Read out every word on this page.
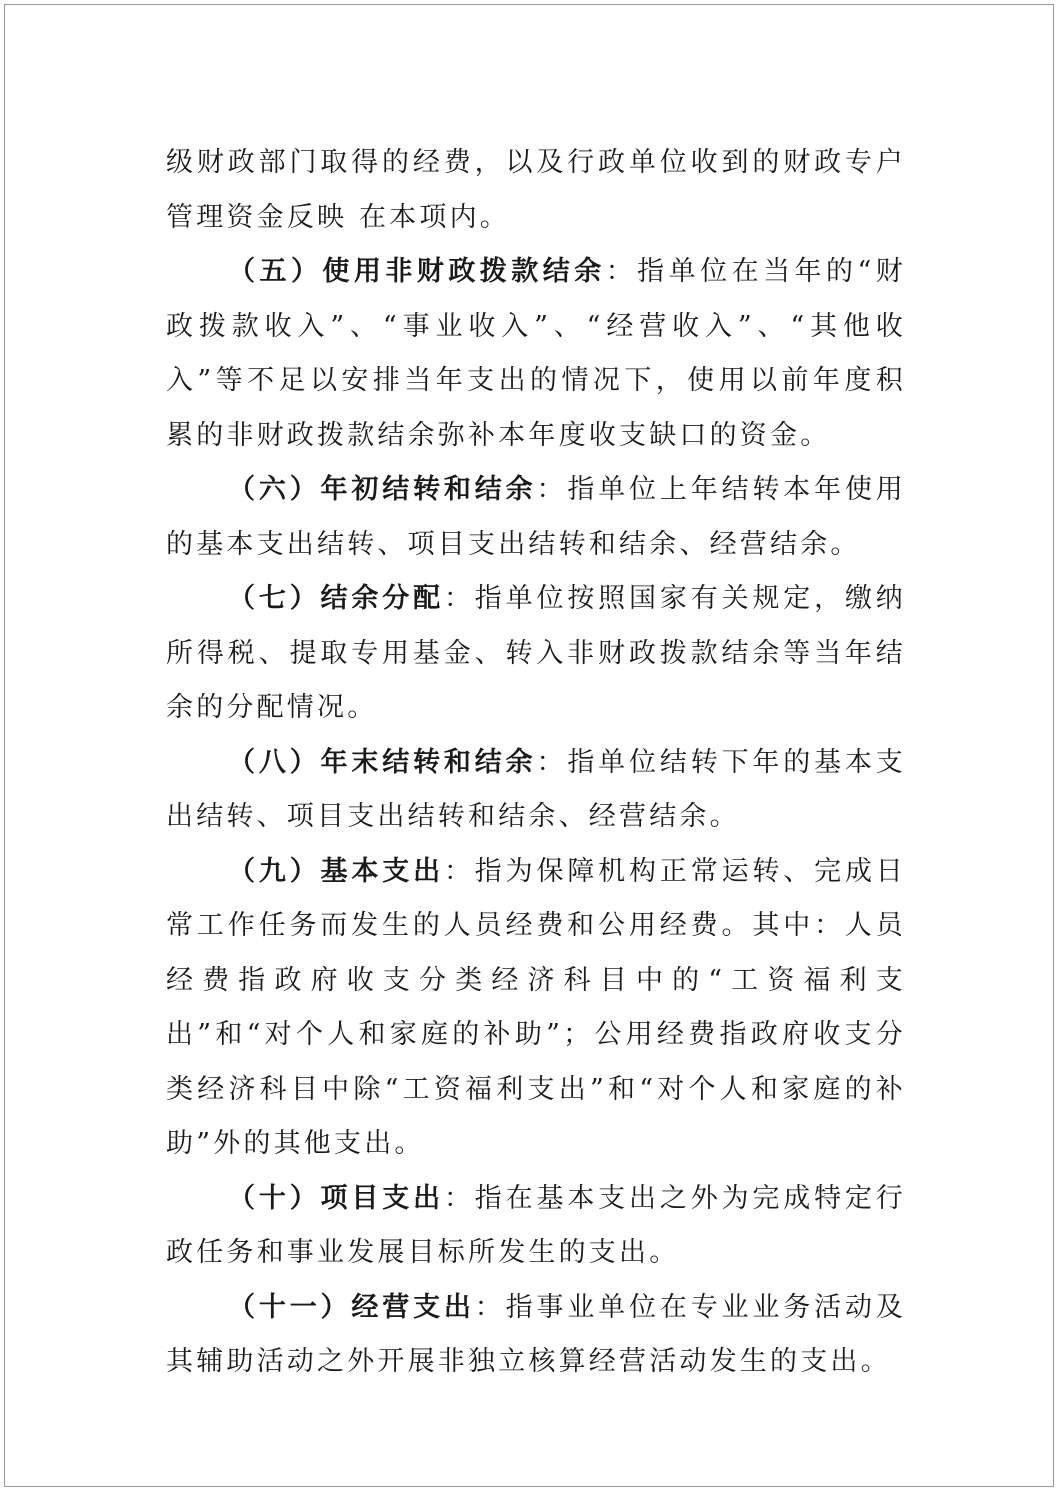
级财政部门取得的经费，以及行政单位收到的财政专户管理资金反映 在本项内。

（五）使用非财政拨款结余：指单位在当年的“财政拨款收入”、“事业收入”、“经营收入”、“其他收入”等不足以安排当年支出的情况下，使用以前年度积累的非财政拨款结余弥补本年度收支缺口的资金。

（六）年初结转和结余：指单位上年结转本年使用的基本支出结转、项目支出结转和结余、经营结余。

（七）结余分配：指单位按照国家有关规定，缴纳所得税、提取专用基金、转入非财政拨款结余等当年结余的分配情况。

（八）年末结转和结余：指单位结转下年的基本支出结转、项目支出结转和结余、经营结余。

（九）基本支出：指为保障机构正常运转、完成日常工作任务而发生的人员经费和公用经费。其中：人员经费指政府收支分类经济科目中的“工资福利支出”和“对个人和家庭的补助”；公用经费指政府收支分类经济科目中除“工资福利支出”和“对个人和家庭的补助”外的其他支出。

（十）项目支出：指在基本支出之外为完成特定行政任务和事业发展目标所发生的支出。

（十一）经营支出：指事业单位在专业业务活动及其辅助活动之外开展非独立核算经营活动发生的支出。
